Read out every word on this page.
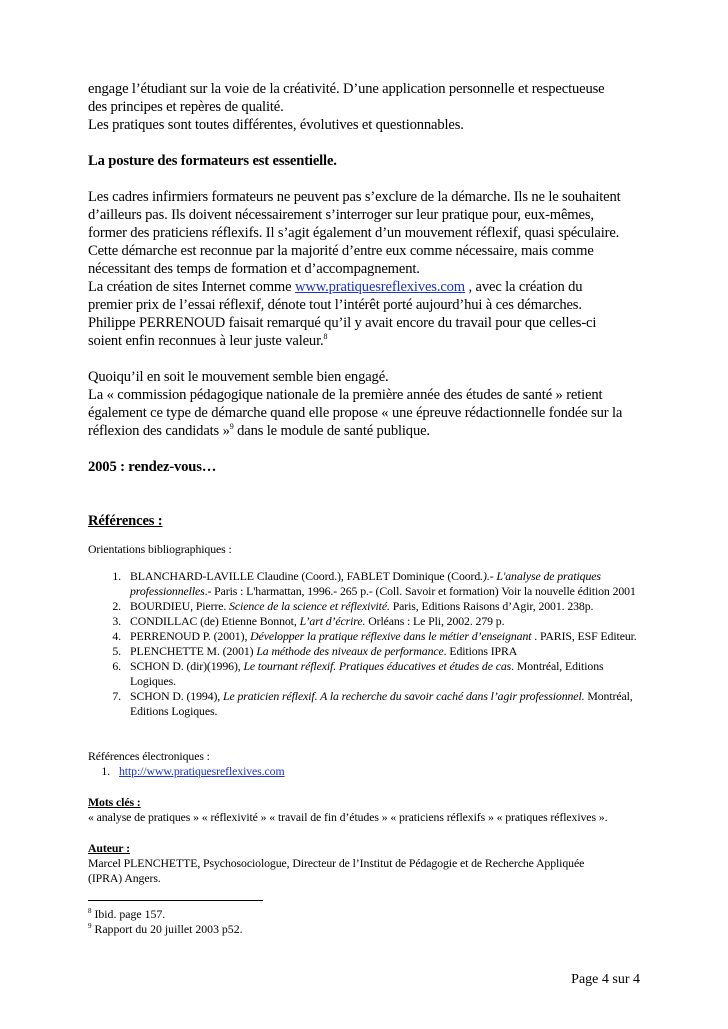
engage l’étudiant sur la voie de la créativité. D’une application personnelle et respectueuse

des principes et repères de qualité.

Les pratiques sont toutes différentes, évolutives et questionnables.

La posture des formateurs est essentielle.

Les cadres infirmiers formateurs ne peuvent pas s’exclure de la démarche. Ils ne le souhaitent

d’ailleurs pas. Ils doivent nécessairement s’interroger sur leur pratique pour, eux-mêmes,

former des praticiens réflexifs. Il s’agit également d’un mouvement réflexif, quasi spéculaire.

Cette démarche est reconnue par la majorité d’entre eux comme nécessaire, mais comme

nécessitant des temps de formation et d’accompagnement.

La création de sites Internet comme www.pratiquesreflexives.com , avec la création du

premier prix de l’essai réflexif, dénote tout l’intérêt porté aujourd’hui à ces démarches.

Philippe PERRENOUD faisait remarqué qu’il y avait encore du travail pour que celles-ci

soient enfin reconnues à leur juste valeur.$^8$

Quoiqu’il en soit le mouvement semble bien engagé.

La « commission pédagogique nationale de la première année des études de santé » retient

également ce type de démarche quand elle propose « une épreuve rédactionnelle fondée sur la

réflexion des candidats »$^9$ dans le module de santé publique.

2005 : rendez-vous…

Références :

Orientations bibliographiques :

1. BLANCHARD-LAVILLE Claudine (Coord.), FABLET Dominique (Coord.).- L'analyse de pratiques professionnelles.- Paris : L'harmattan, 1996.- 265 p.- (Coll. Savoir et formation) Voir la nouvelle édition 2001
2. BOURDIEU, Pierre. Science de la science et réflexivité. Paris, Editions Raisons d’Agir, 2001. 238p.
3. CONDILLAC (de) Etienne Bonnot, L’art d’écrire. Orléans : Le Pli, 2002. 279 p.
4. PERRENOUD P. (2001), Développer la pratique réflexive dans le métier d’enseignant . PARIS, ESF Editeur.
5. PLENCHETTE M. (2001) La méthode des niveaux de performance. Editions IPRA
6. SCHON D. (dir)(1996), Le tournant réflexif. Pratiques éducatives et études de cas. Montréal, Editions Logiques.
7. SCHON D. (1994), Le praticien réflexif. A la recherche du savoir caché dans l’agir professionnel. Montréal, Editions Logiques.

Références électroniques :

1. http://www.pratiquesreflexives.com

Mots clés :

« analyse de pratiques » « réflexivité » « travail de fin d’études » « praticiens réflexifs » « pratiques réflexives ».

Auteur :

Marcel PLENCHETTE, Psychosociologue, Directeur de l’Institut de Pédagogie et de Recherche Appliquée

(IPRA) Angers.

$^8$ Ibid. page 157.

$^9$ Rapport du 20 juillet 2003 p52.

Page 4 sur 4
